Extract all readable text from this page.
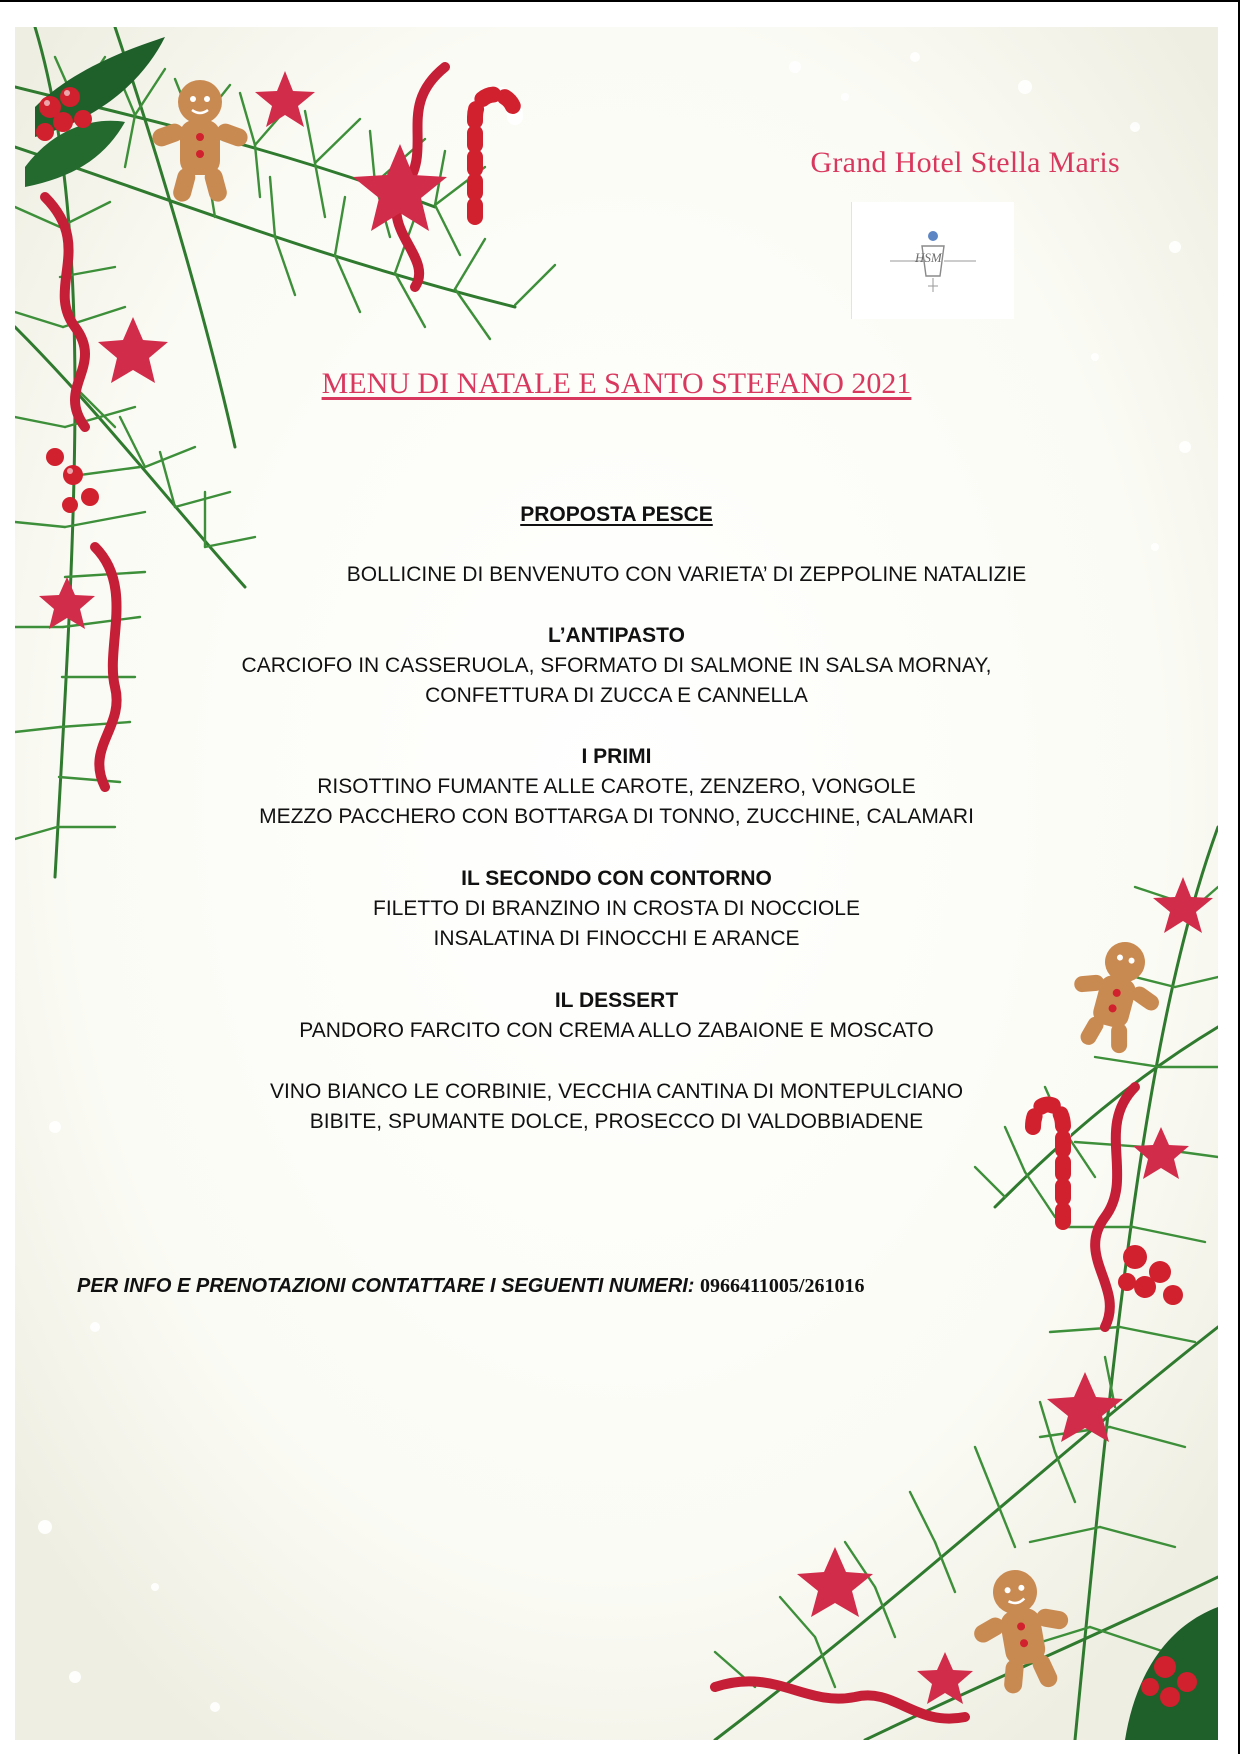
Grand Hotel Stella Maris
HSM
MENU DI NATALE E SANTO STEFANO 2021
PROPOSTA PESCE
BOLLICINE DI BENVENUTO CON VARIETA’ DI ZEPPOLINE NATALIZIE
L’ANTIPASTO
CARCIOFO IN CASSERUOLA, SFORMATO DI SALMONE IN SALSA MORNAY,
CONFETTURA DI ZUCCA E CANNELLA
I PRIMI
RISOTTINO FUMANTE ALLE CAROTE, ZENZERO, VONGOLE
MEZZO PACCHERO CON BOTTARGA DI TONNO, ZUCCHINE, CALAMARI
IL SECONDO CON CONTORNO
FILETTO DI BRANZINO IN CROSTA DI NOCCIOLE
INSALATINA DI FINOCCHI E ARANCE
IL DESSERT
PANDORO FARCITO CON CREMA ALLO ZABAIONE E MOSCATO
VINO BIANCO LE CORBINIE, VECCHIA CANTINA DI MONTEPULCIANO
BIBITE, SPUMANTE DOLCE, PROSECCO DI VALDOBBIADENE
PER INFO E PRENOTAZIONI CONTATTARE I SEGUENTI NUMERI: 0966411005/261016
